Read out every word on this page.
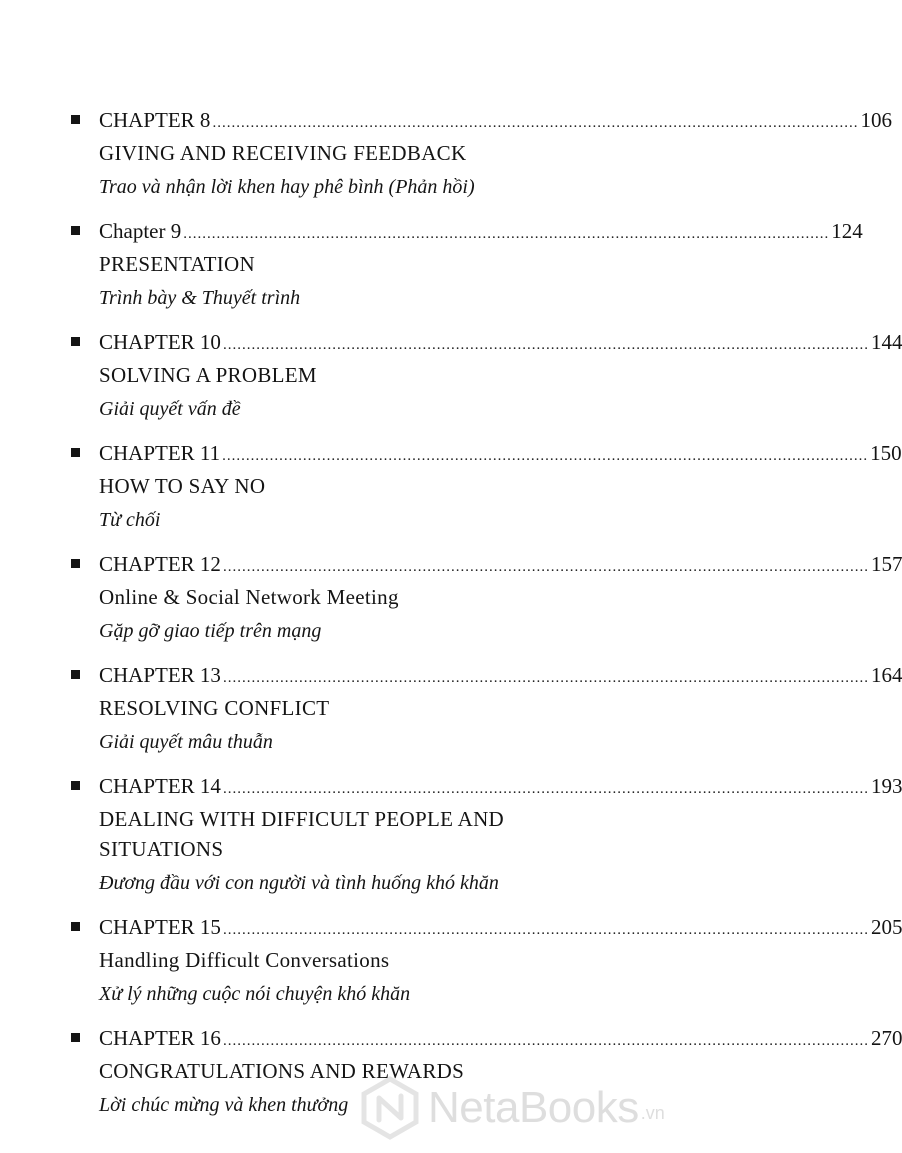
CHAPTER 8 ........................................................................................................................................ 106
GIVING AND RECEIVING FEEDBACK
Trao và nhận lời khen hay phê bình (Phản hồi)
Chapter 9 ........................................................................................................................................ 124
PRESENTATION
Trình bày & Thuyết trình
CHAPTER 10 ........................................................................................................................................ 144
SOLVING A PROBLEM
Giải quyết vấn đề
CHAPTER 11 ........................................................................................................................................ 150
HOW TO SAY NO
Từ chối
CHAPTER 12 ........................................................................................................................................ 157
Online & Social Network Meeting
Gặp gỡ giao tiếp trên mạng
CHAPTER 13 ........................................................................................................................................ 164
RESOLVING CONFLICT
Giải quyết mâu thuẫn
CHAPTER 14 ........................................................................................................................................ 193
DEALING WITH DIFFICULT PEOPLE AND SITUATIONS
Đương đầu với con người và tình huống khó khăn
CHAPTER 15 ........................................................................................................................................ 205
Handling Difficult Conversations
Xử lý những cuộc nói chuyện khó khăn
CHAPTER 16 ........................................................................................................................................ 270
CONGRATULATIONS AND REWARDS
Lời chúc mừng và khen thưởng	NetaBooks .vn
